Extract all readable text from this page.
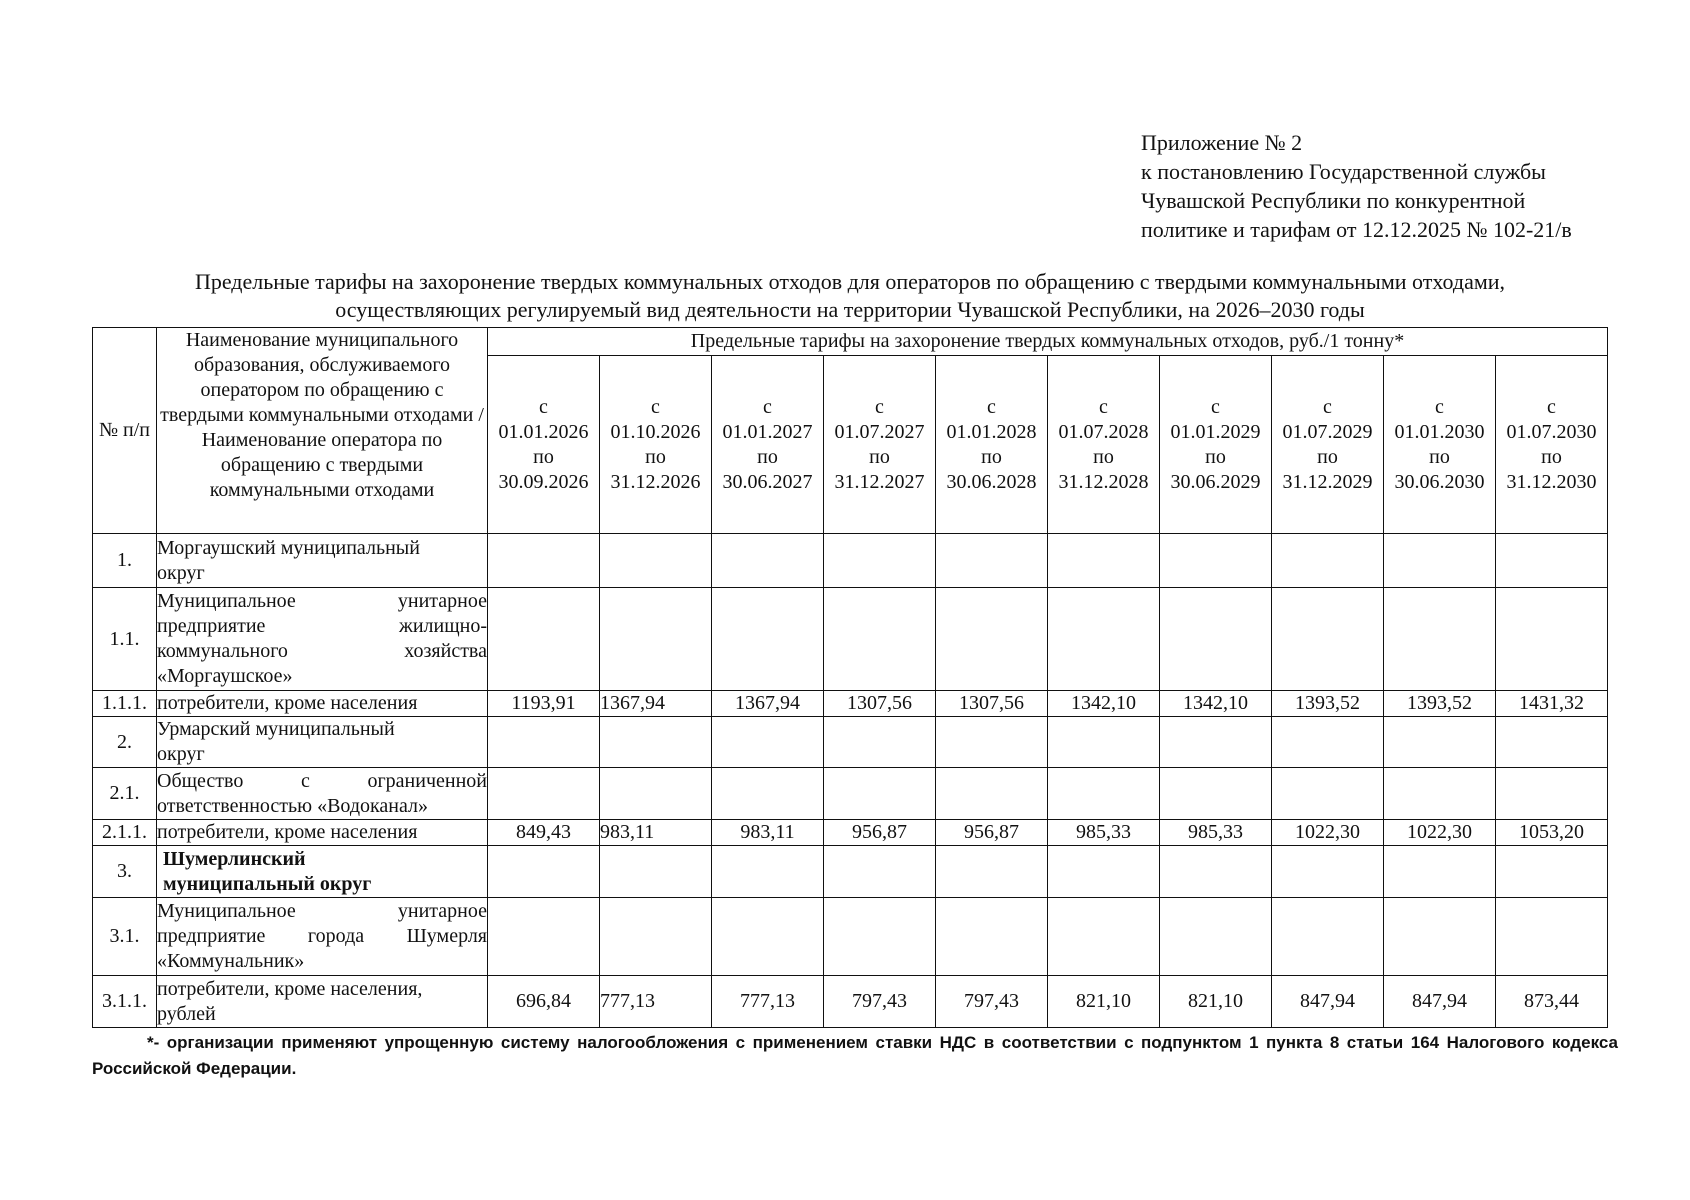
Приложение № 2
к постановлению Государственной службы
Чувашской Республики по конкурентной
политике и тарифам от 12.12.2025 № 102-21/в
Предельные тарифы на захоронение твердых коммунальных отходов для операторов по обращению с твердыми коммунальными отходами,
осуществляющих регулируемый вид деятельности на территории Чувашской Республики, на 2026–2030 годы
№ п/п	Наименование муниципального образования, обслуживаемого оператором по обращению с твердыми коммунальными отходами / Наименование оператора по обращению с твердыми коммунальными отходами	Предельные тарифы на захоронение твердых коммунальных отходов, руб./1 тонну*									

		с
01.01.2026
по
30.09.2026	с
01.10.2026
по
31.12.2026	с
01.01.2027
по
30.06.2027	с
01.07.2027
по
31.12.2027	с
01.01.2028
по
30.06.2028	с
01.07.2028
по
31.12.2028	с
01.01.2029
по
30.06.2029	с
01.07.2029
по
31.12.2029	с
01.01.2030
по
30.06.2030	с
01.07.2030
по
31.12.2030

1.	Моргаушский муниципальный
округ										

1.1.	Муниципальное унитарное
предприятие жилищно-
коммунального хозяйства
«Моргаушское»										

1.1.1.	потребители, кроме населения	1193,91	1367,94	1367,94	1307,56	1307,56	1342,10	1342,10	1393,52	1393,52	1431,32
2.	Урмарский муниципальный
округ										

2.1.	Общество с ограниченной
ответственностью «Водоканал»										

2.1.1.	потребители, кроме населения	849,43	983,11	983,11	956,87	956,87	985,33	985,33	1022,30	1022,30	1053,20
3.	Шумерлинский
муниципальный округ										

3.1.	Муниципальное унитарное
предприятие города Шумерля
«Коммунальник»										

3.1.1.	потребители, кроме населения,
рублей	696,84	777,13	777,13	797,43	797,43	821,10	821,10	847,94	847,94	873,44
*- организации применяют упрощенную систему налогообложения с применением ставки НДС в соответствии с подпунктом 1 пункта 8 статьи 164 Налогового кодекса Российской Федерации.
